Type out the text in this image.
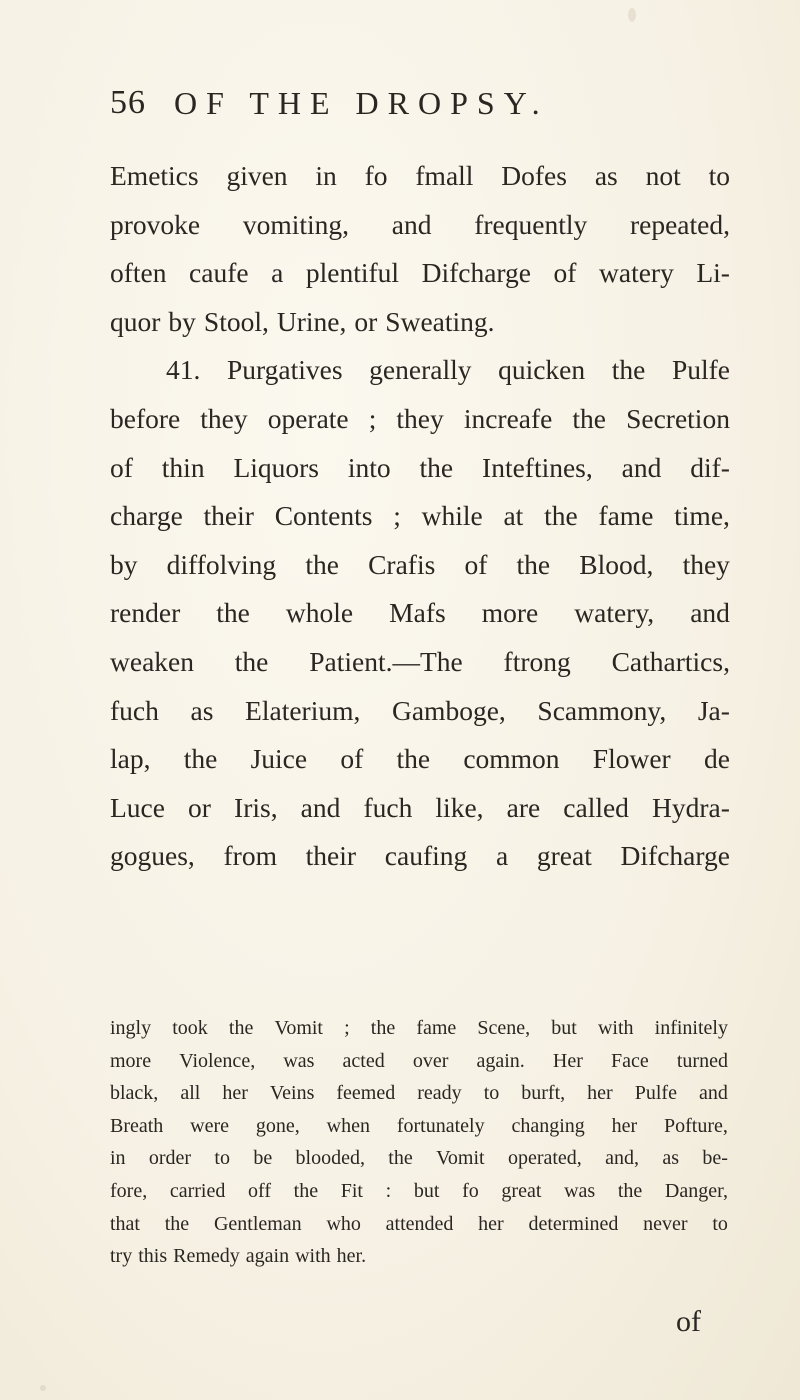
56 OF THE DROPSY.
Emetics given in fo fmall Dofes as not to
provoke vomiting, and frequently repeated,
often caufe a plentiful Difcharge of watery Li-
quor by Stool, Urine, or Sweating.
41. Purgatives generally quicken the Pulfe
before they operate ; they increafe the Secretion
of thin Liquors into the Inteftines, and dif-
charge their Contents ; while at the fame time,
by diffolving the Crafis of the Blood, they
render the whole Mafs more watery, and
weaken the Patient.—The ftrong Cathartics,
fuch as Elaterium, Gamboge, Scammony, Ja-
lap, the Juice of the common Flower de
Luce or Iris, and fuch like, are called Hydra-
gogues, from their caufing a great Difcharge
ingly took the Vomit ; the fame Scene, but with infinitely
more Violence, was acted over again. Her Face turned
black, all her Veins feemed ready to burft, her Pulfe and
Breath were gone, when fortunately changing her Pofture,
in order to be blooded, the Vomit operated, and, as be-
fore, carried off the Fit : but fo great was the Danger,
that the Gentleman who attended her determined never to
try this Remedy again with her.
of
